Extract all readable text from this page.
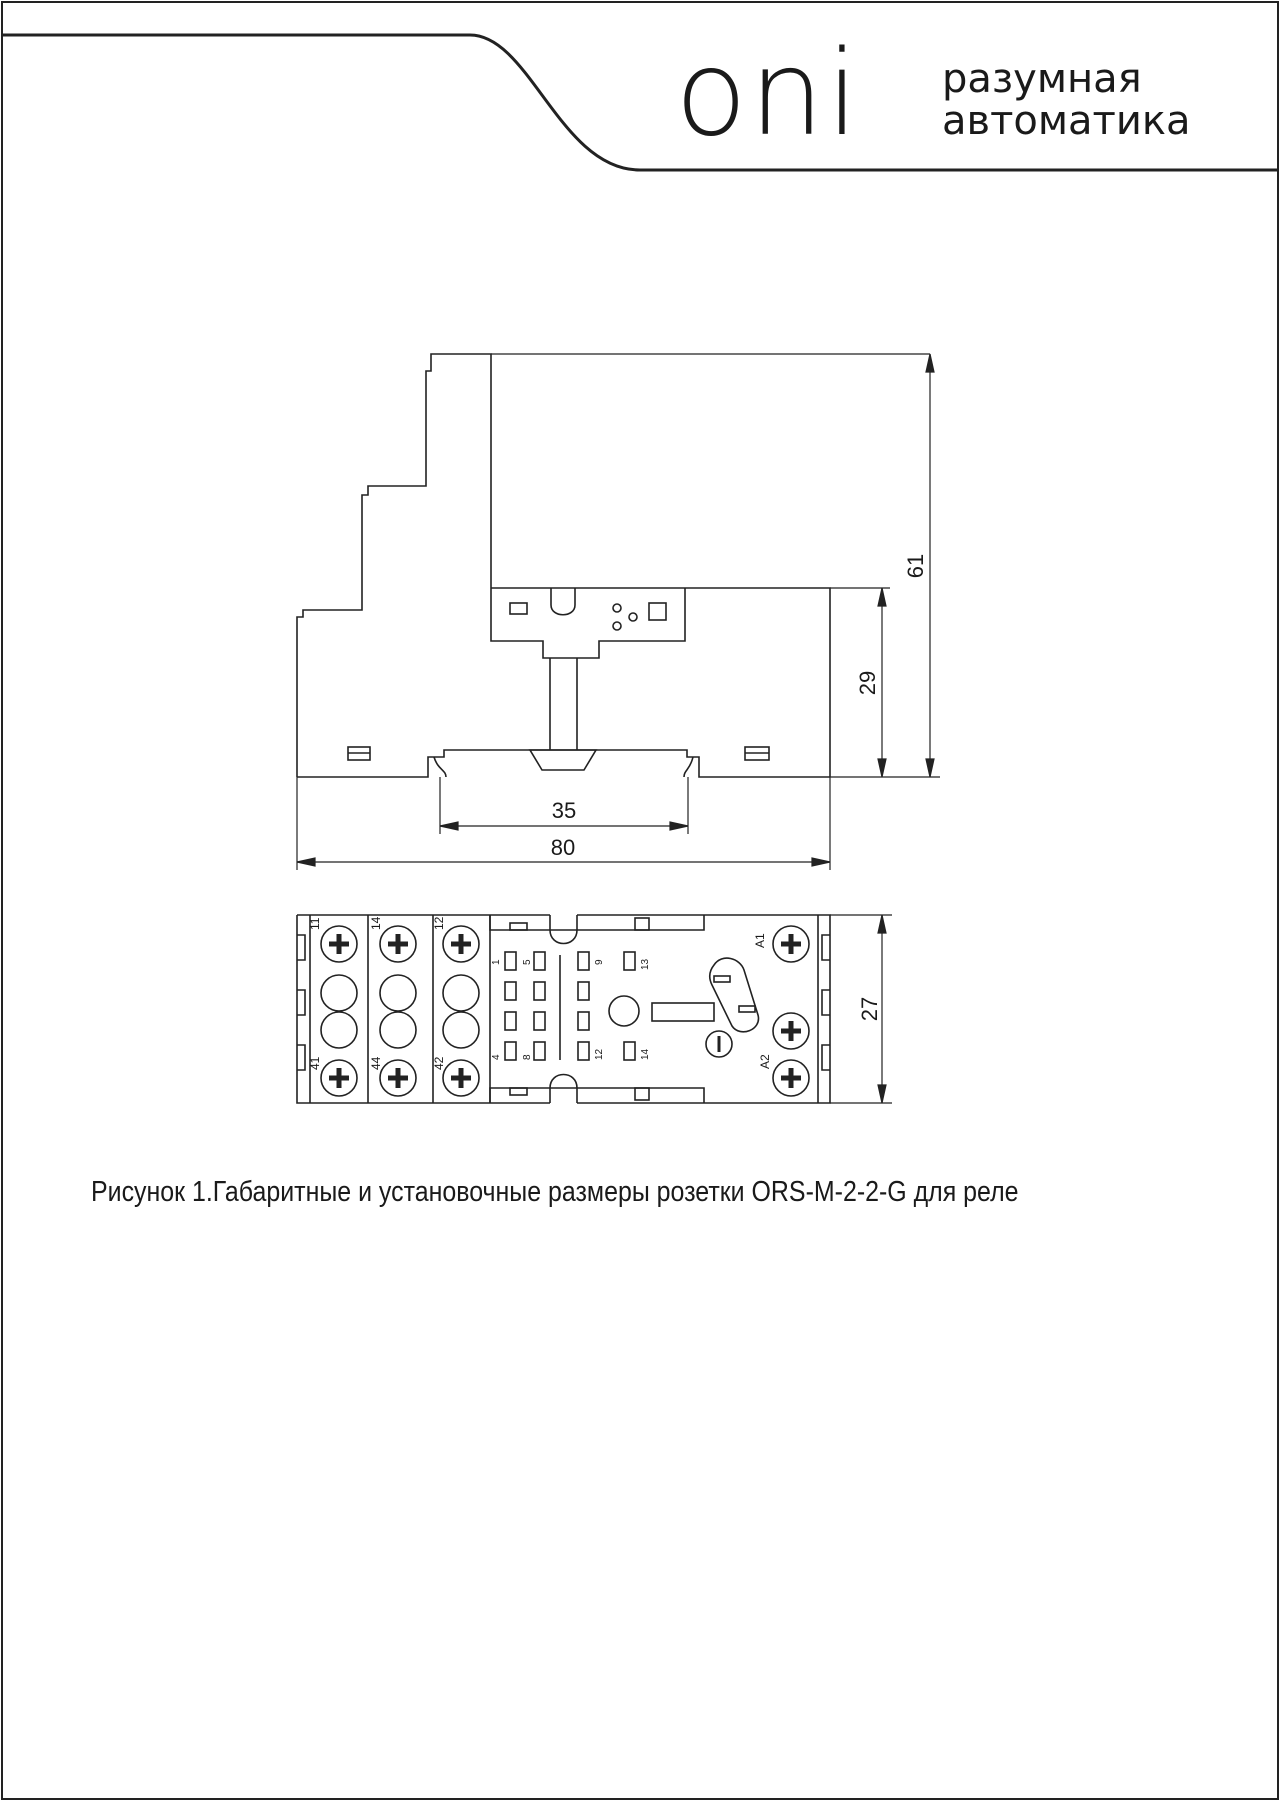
oni разумная
автоматика
61
29
35
80
11
41
14
44
12
42
1 5	9	13
4 8	12	14
A1
A2
27
Рисунок 1.Габаритные и установочные размеры розетки ORS-M-2-2-G для реле
